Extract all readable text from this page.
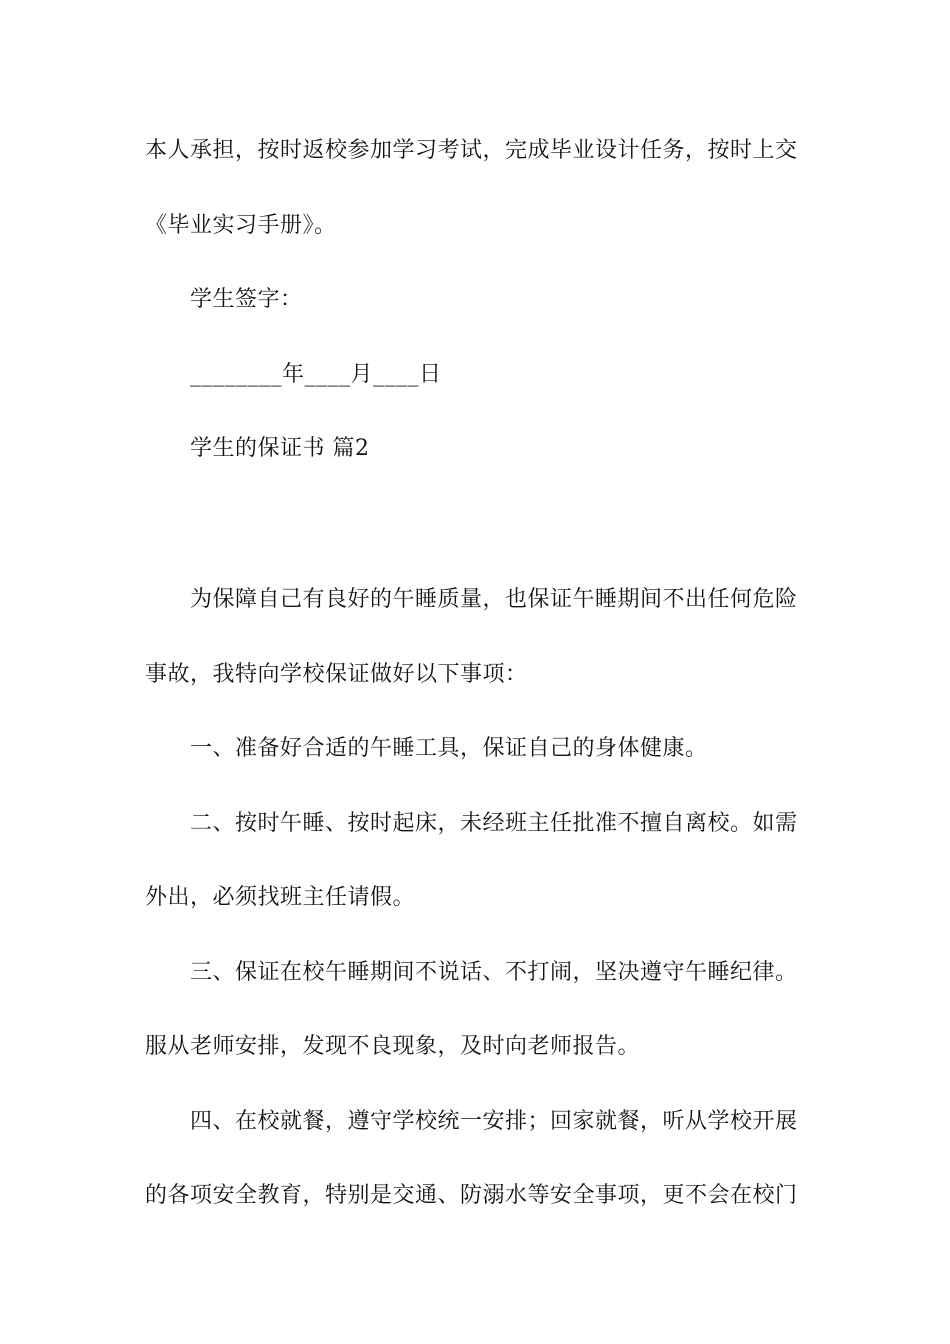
本人承担，按时返校参加学习考试，完成毕业设计任务，按时上交
《毕业实习手册》。
学生签字：
________年____月____日
学生的保证书 篇2
为保障自己有良好的午睡质量，也保证午睡期间不出任何危险
事故，我特向学校保证做好以下事项：
一、准备好合适的午睡工具，保证自己的身体健康。
二、按时午睡、按时起床，未经班主任批准不擅自离校。如需
外出，必须找班主任请假。
三、保证在校午睡期间不说话、不打闹，坚决遵守午睡纪律。
服从老师安排，发现不良现象，及时向老师报告。
四、在校就餐，遵守学校统一安排；回家就餐，听从学校开展
的各项安全教育，特别是交通、防溺水等安全事项，更不会在校门
